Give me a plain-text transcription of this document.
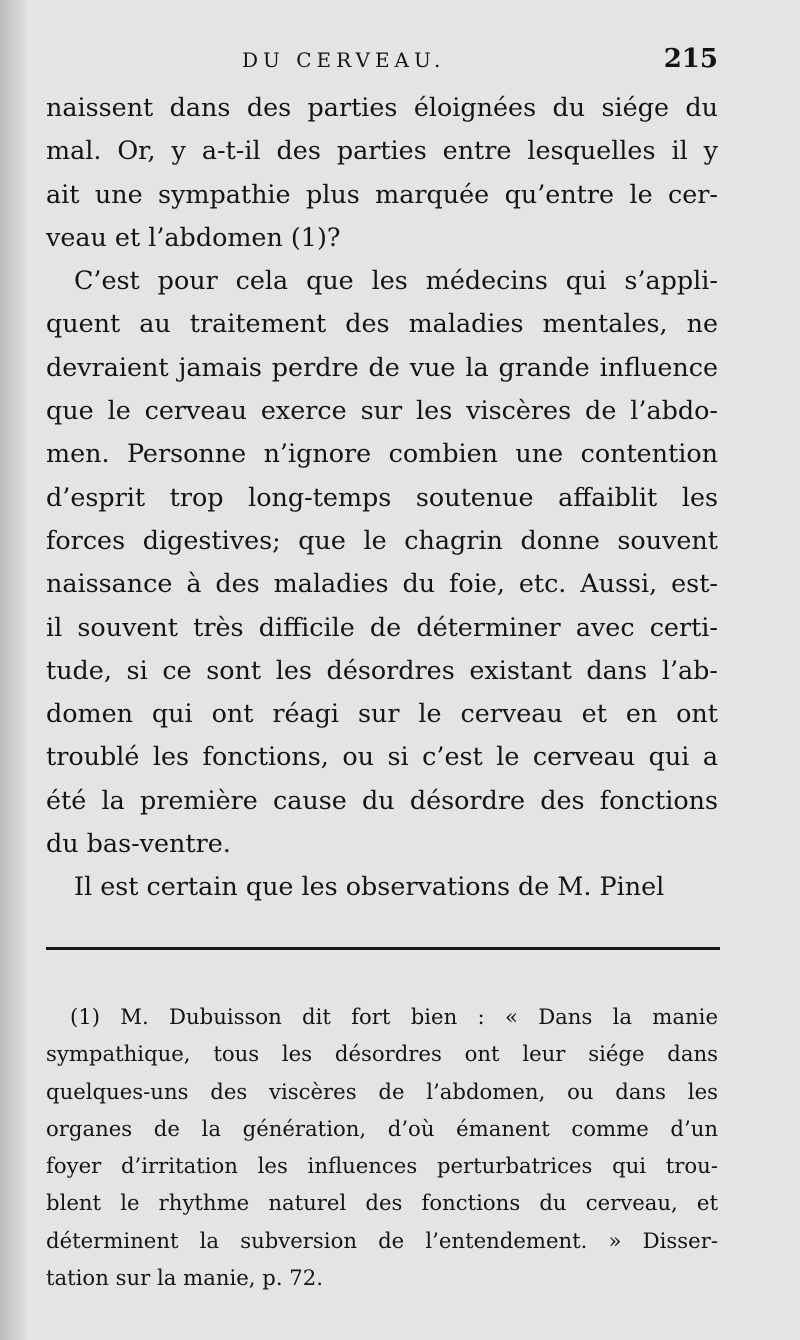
DU CERVEAU.	215
naissent dans des parties éloignées du siége du
mal. Or, y a-t-il des parties entre lesquelles il y
ait une sympathie plus marquée qu’entre le cer-
veau et l’abdomen (1)?
C’est pour cela que les médecins qui s’appli-
quent au traitement des maladies mentales, ne
devraient jamais perdre de vue la grande influence
que le cerveau exerce sur les viscères de l’abdo-
men. Personne n’ignore combien une contention
d’esprit trop long-temps soutenue affaiblit les
forces digestives; que le chagrin donne souvent
naissance à des maladies du foie, etc. Aussi, est-
il souvent très difficile de déterminer avec certi-
tude, si ce sont les désordres existant dans l’ab-
domen qui ont réagi sur le cerveau et en ont
troublé les fonctions, ou si c’est le cerveau qui a
été la première cause du désordre des fonctions
du bas-ventre.
Il est certain que les observations de M. Pinel
(1) M. Dubuisson dit fort bien : « Dans la manie
sympathique, tous les désordres ont leur siége dans
quelques-uns des viscères de l’abdomen, ou dans les
organes de la génération, d’où émanent comme d’un
foyer d’irritation les influences perturbatrices qui trou-
blent le rhythme naturel des fonctions du cerveau, et
déterminent la subversion de l’entendement. » Disser-
tation sur la manie, p. 72.
